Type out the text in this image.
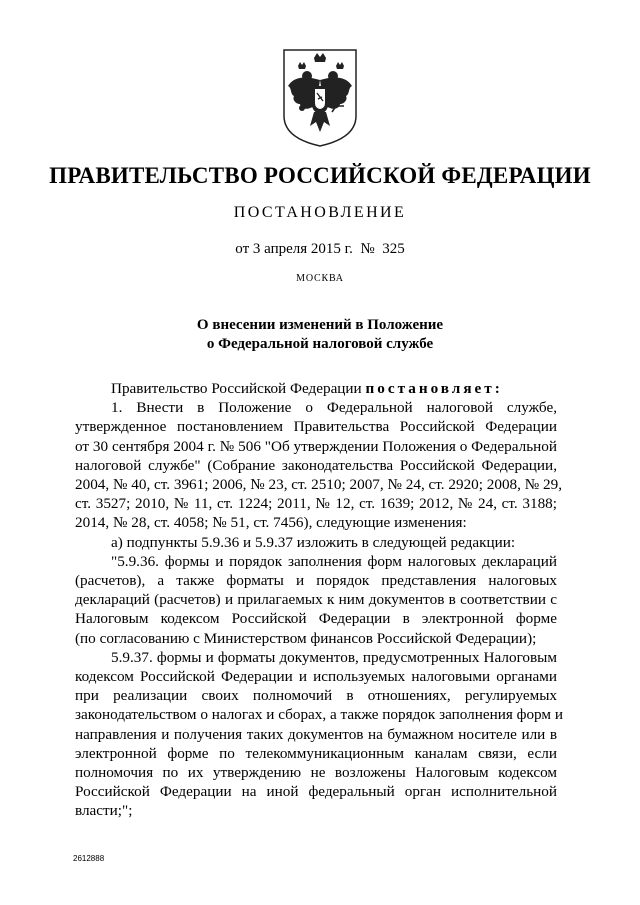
ПРАВИТЕЛЬСТВО РОССИЙСКОЙ ФЕДЕРАЦИИ
ПОСТАНОВЛЕНИЕ
от 3 апреля 2015 г.  №  325
МОСКВА
О внесении изменений в Положение
о Федеральной налоговой службе

Правительство Российской Федерации постановляет:

1. Внести в Положение о Федеральной налоговой службе,
утвержденное постановлением Правительства Российской Федерации
от 30 сентября 2004 г. № 506 "Об утверждении Положения о Федеральной
налоговой службе" (Собрание законодательства Российской Федерации,
2004, № 40, ст. 3961; 2006, № 23, ст. 2510; 2007, № 24, ст. 2920; 2008, № 29,
ст. 3527; 2010, № 11, ст. 1224; 2011, № 12, ст. 1639; 2012, № 24, ст. 3188;
2014, № 28, ст. 4058; № 51, ст. 7456), следующие изменения:

а) подпункты 5.9.36 и 5.9.37 изложить в следующей редакции:

"5.9.36. формы и порядок заполнения форм налоговых деклараций
(расчетов), а также форматы и порядок представления налоговых
деклараций (расчетов) и прилагаемых к ним документов в соответствии с
Налоговым кодексом Российской Федерации в электронной форме
(по согласованию с Министерством финансов Российской Федерации);

5.9.37. формы и форматы документов, предусмотренных Налоговым
кодексом Российской Федерации и используемых налоговыми органами
при реализации своих полномочий в отношениях, регулируемых
законодательством о налогах и сборах, а также порядок заполнения форм и
направления и получения таких документов на бумажном носителе или в
электронной форме по телекоммуникационным каналам связи, если
полномочия по их утверждению не возложены Налоговым кодексом
Российской Федерации на иной федеральный орган исполнительной
власти;";

2612888
